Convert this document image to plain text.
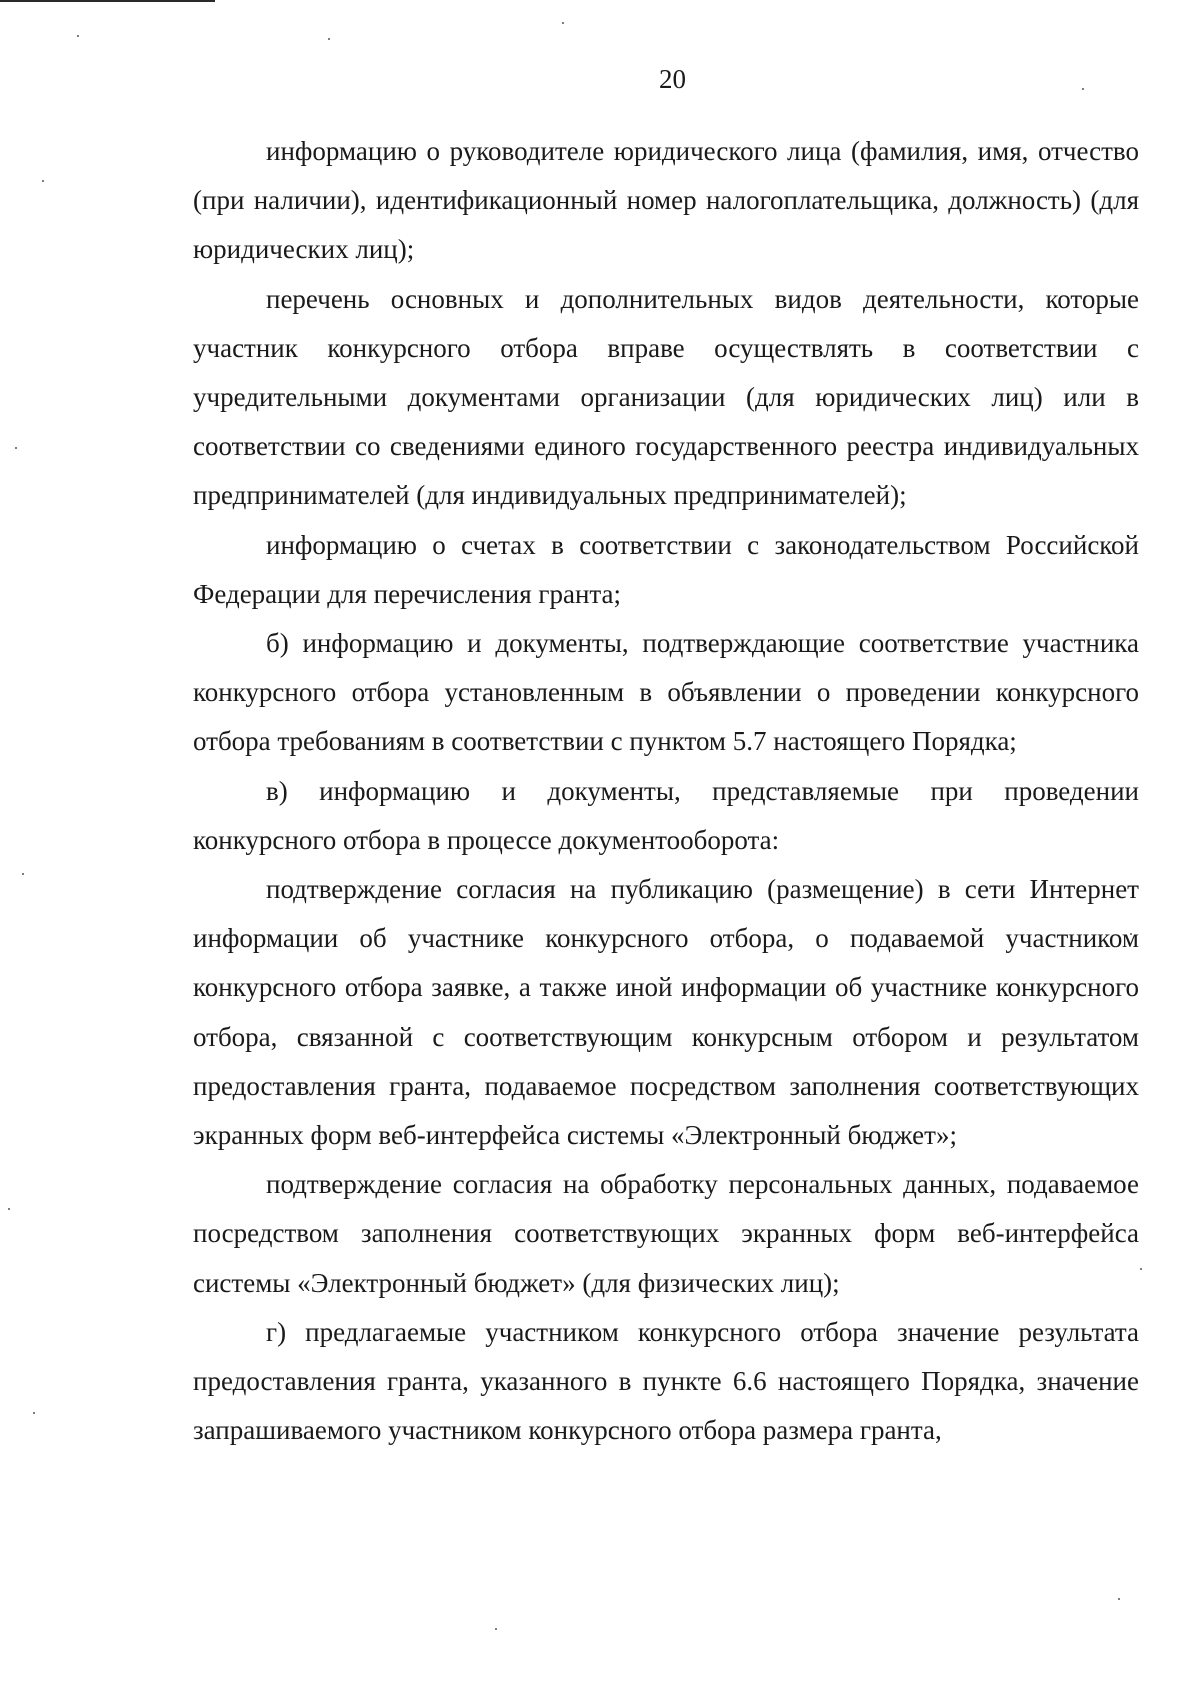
20

информацию о руководителе юридического лица (фамилия, имя, отчество (при наличии), идентификационный номер налогоплательщика, должность) (для юридических лиц);

перечень основных и дополнительных видов деятельности, которые участник конкурсного отбора вправе осуществлять в соответствии с учредительными документами организации (для юридических лиц) или в соответствии со сведениями единого государственного реестра индивидуальных предпринимателей (для индивидуальных предпринимателей);

информацию о счетах в соответствии с законодательством Российской Федерации для перечисления гранта;

б) информацию и документы, подтверждающие соответствие участника конкурсного отбора установленным в объявлении о проведении конкурсного отбора требованиям в соответствии с пунктом 5.7 настоящего Порядка;

в) информацию и документы, представляемые при проведении конкурсного отбора в процессе документооборота:

подтверждение согласия на публикацию (размещение) в сети Интернет информации об участнике конкурсного отбора, о подаваемой участником конкурсного отбора заявке, а также иной информации об участнике конкурсного отбора, связанной с соответствующим конкурсным отбором и результатом предоставления гранта, подаваемое посредством заполнения соответствующих экранных форм веб-интерфейса системы «Электронный бюджет»;

подтверждение согласия на обработку персональных данных, подаваемое посредством заполнения соответствующих экранных форм веб-интерфейса системы «Электронный бюджет» (для физических лиц);

г) предлагаемые участником конкурсного отбора значение результата предоставления гранта, указанного в пункте 6.6 настоящего Порядка, значение запрашиваемого участником конкурсного отбора размера гранта,
